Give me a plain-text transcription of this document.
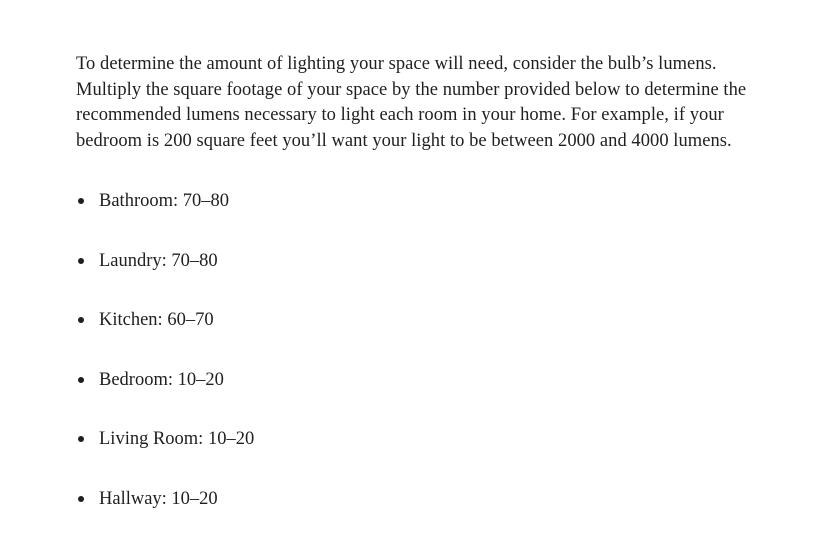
To determine the amount of lighting your space will need, consider the bulb’s lumens.
Multiply the square footage of your space by the number provided below to determine the
recommended lumens necessary to light each room in your home. For example, if your
bedroom is 200 square feet you’ll want your light to be between 2000 and 4000 lumens.

Bathroom: 70–80
Laundry: 70–80
Kitchen: 60–70
Bedroom: 10–20
Living Room: 10–20
Hallway: 10–20
